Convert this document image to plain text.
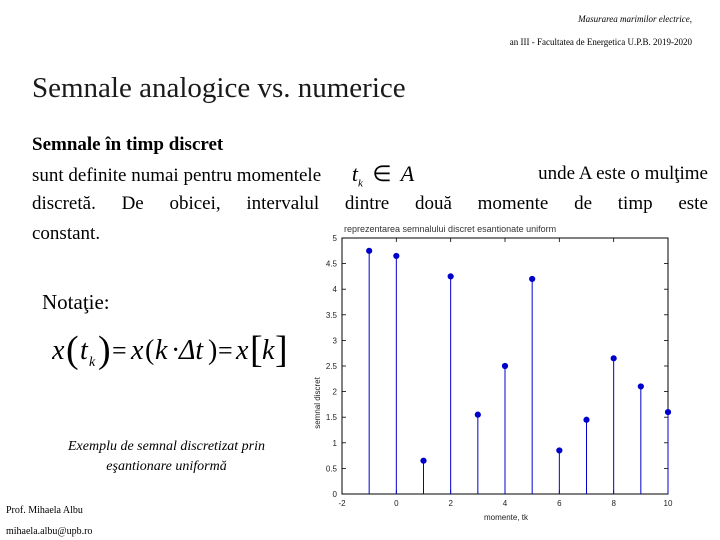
Masurarea marimilor electrice,
an III - Facultatea de Energetica U.P.B. 2019-2020
Semnale analogice vs. numerice
Semnale în timp discret
sunt definite numai pentru momentele $t_k$ ∈ A	unde A este o mulţime
discretă. De obicei, intervalul dintre două momente de timp este
constant.
Notaţie:
x ( t k ) = x ( k ·
Δt ) = x [ k ]
Exemplu de semnal discretizat prin
eşantionare uniformă
Prof. Mihaela Albu
mihaela.albu@upb.ro
reprezentarea semnalului discret esantionate uniform
0
0.5
1
1.5
2
2.5
3
3.5
4
4.5
5
-2	0	2	4	6	8	10
semnal discret
momente, tk
